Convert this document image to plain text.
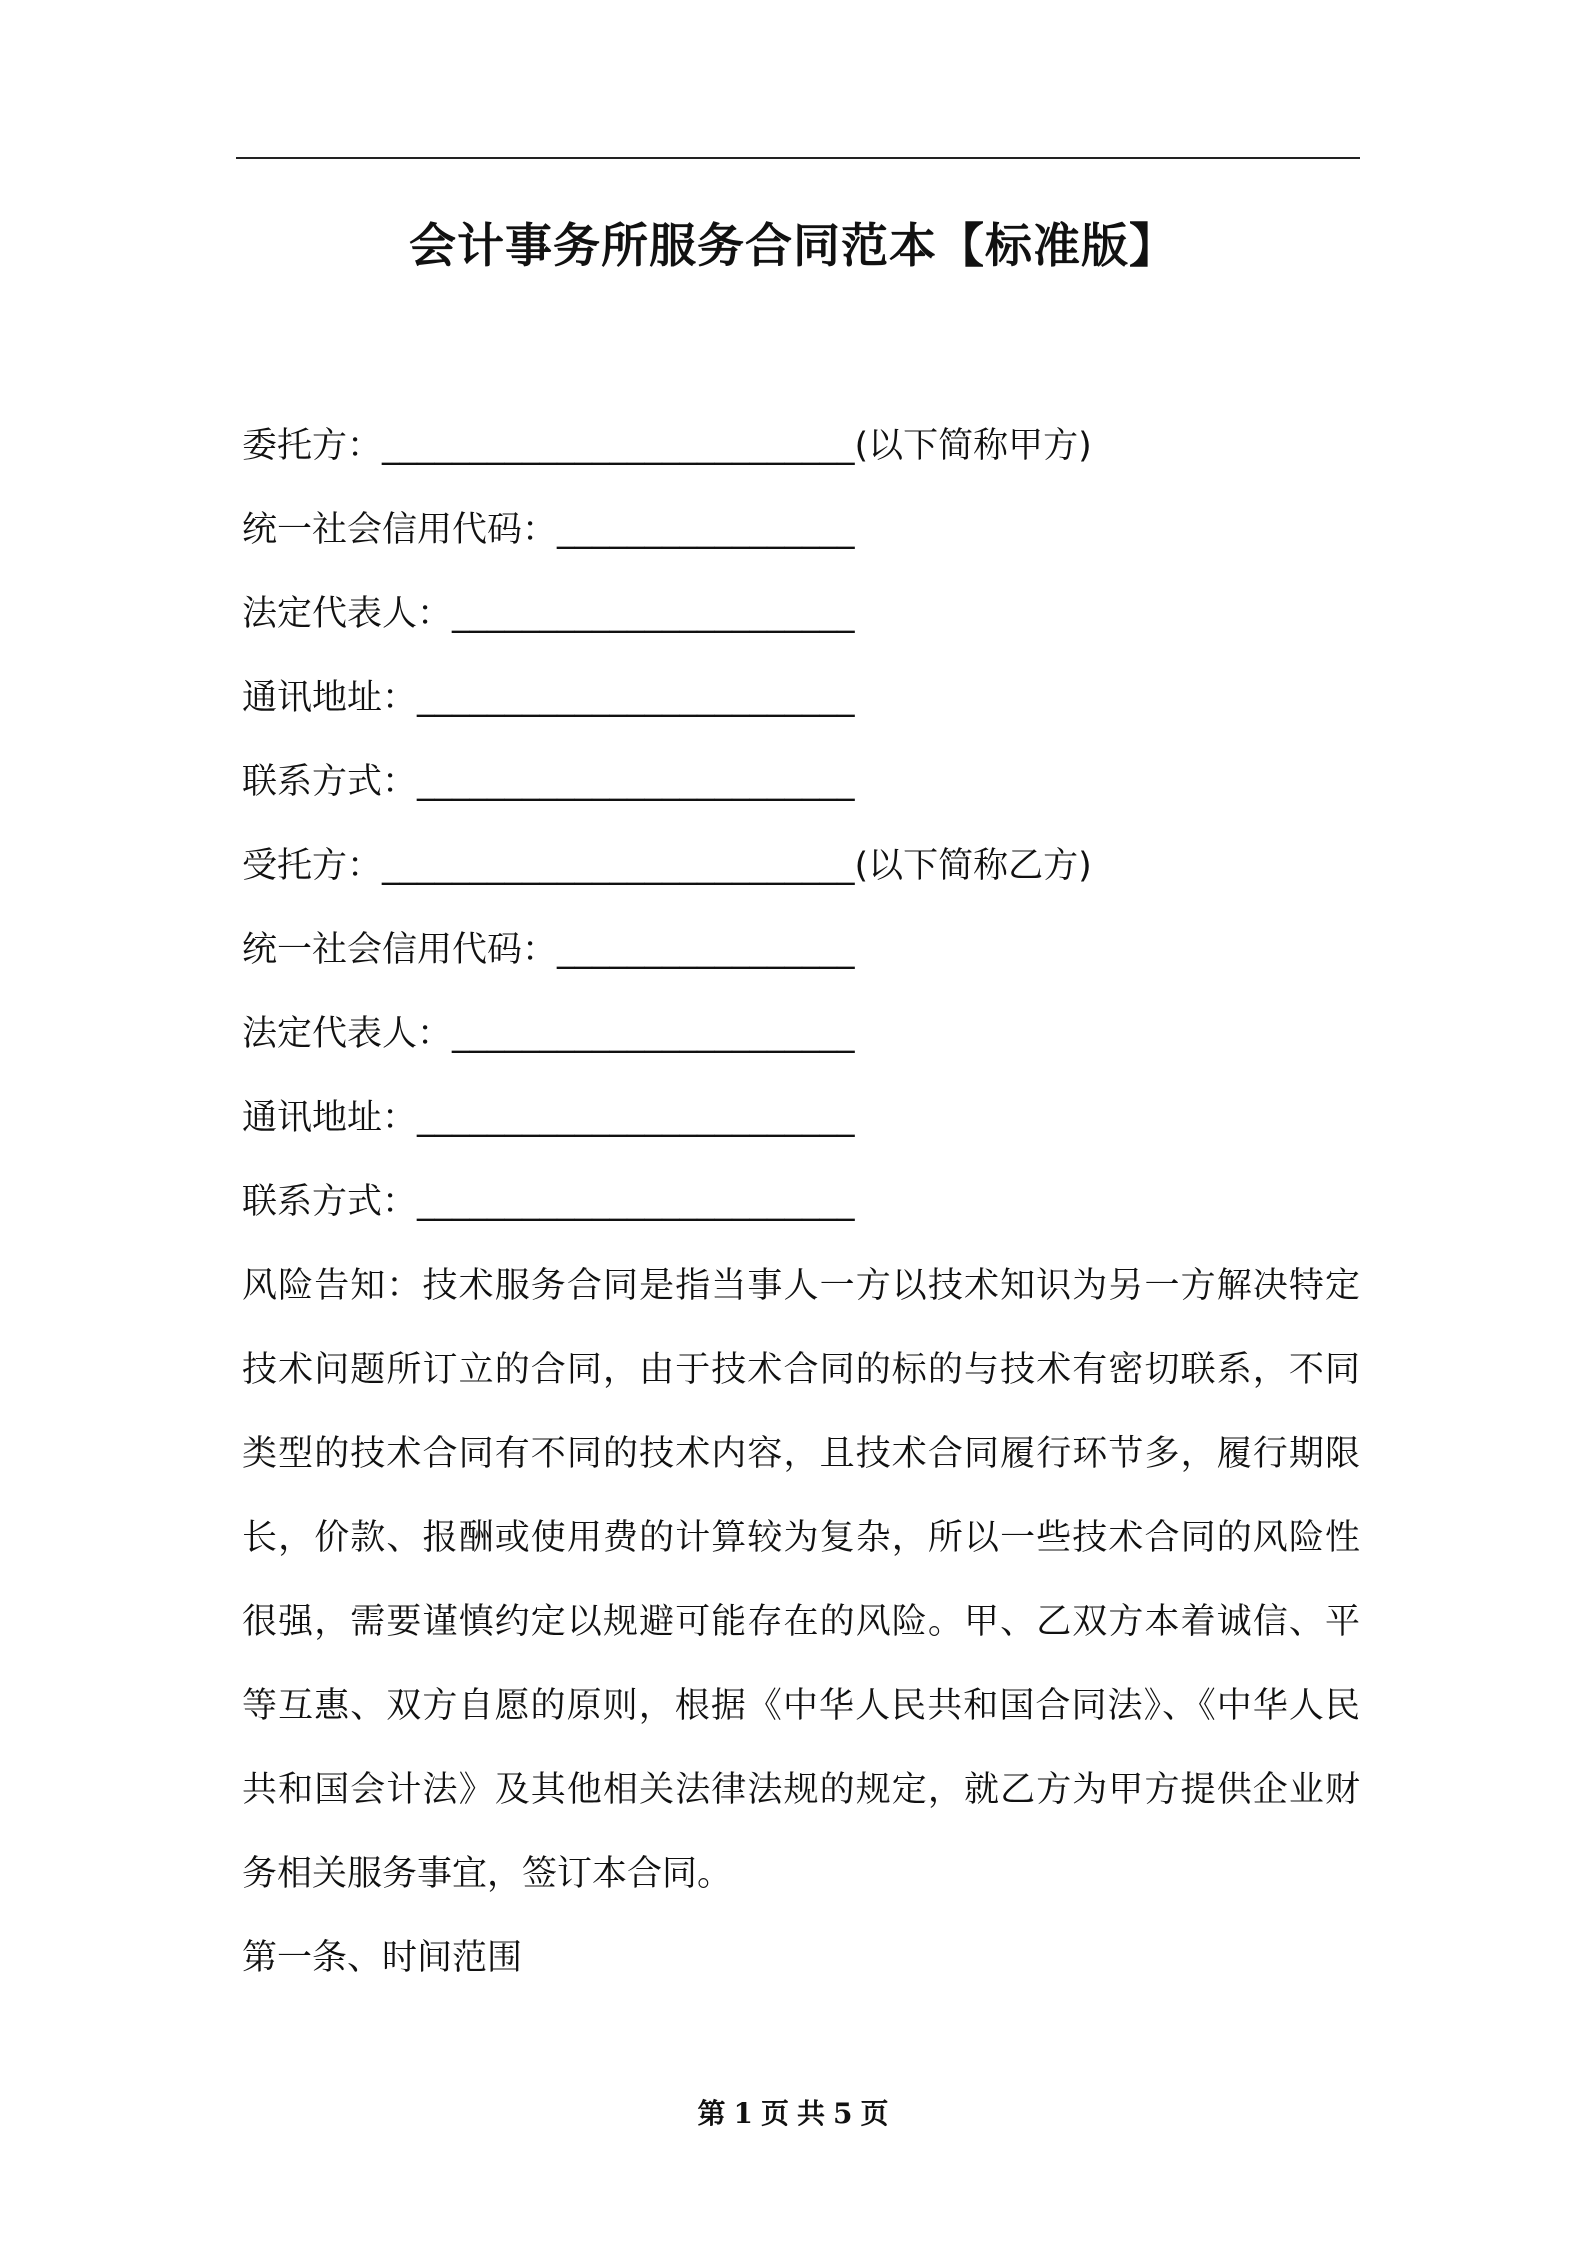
会计事务所服务合同范本【标准版】
委托方：___________________________(以下简称甲方)
统一社会信用代码：_________________
法定代表人：_______________________
通讯地址：_________________________
联系方式：_________________________
受托方：___________________________(以下简称乙方)
统一社会信用代码：_________________
法定代表人：_______________________
通讯地址：_________________________
联系方式：_________________________

风险告知：技术服务合同是指当事人一方以技术知识为另一方解决特定技术问题所订立的合同，由于技术合同的标的与技术有密切联系，不同类型的技术合同有不同的技术内容，且技术合同履行环节多，履行期限长，价款、报酬或使用费的计算较为复杂，所以一些技术合同的风险性很强，需要谨慎约定以规避可能存在的风险。甲、乙双方本着诚信、平等互惠、双方自愿的原则，根据《中华人民共和国合同法》、《中华人民共和国会计法》及其他相关法律法规的规定，就乙方为甲方提供企业财务相关服务事宜，签订本合同。

第一条、时间范围
第 1 页 共 5 页
